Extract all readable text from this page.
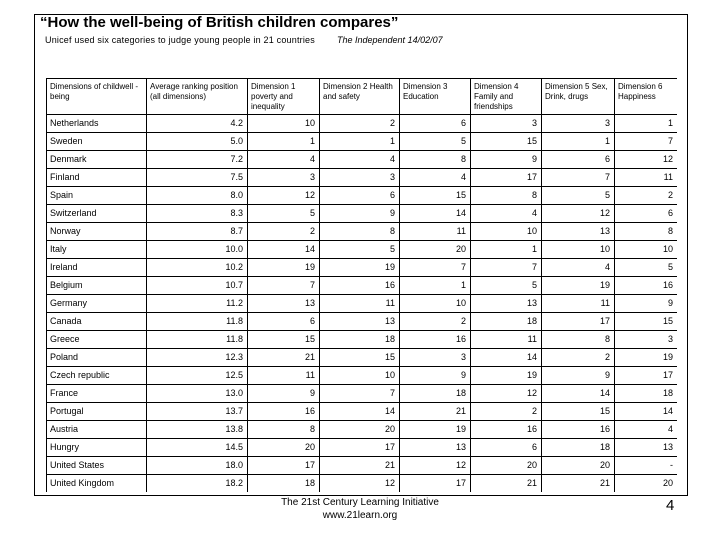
“How the well-being of British children compares”
Unicef used six categories to judge young people in 21 countries The Independent 14/02/07
Dimensions of childwell -being	Average ranking position (all dimensions)	Dimension 1 poverty and inequality	Dimension 2 Health and safety	Dimension 3 Education	Dimension 4 Family and friendships	Dimension 5 Sex, Drink, drugs	Dimension 6 Happiness
Netherlands	4.2	10	2	6	3	3	1
Sweden	5.0	1	1	5	15	1	7
Denmark	7.2	4	4	8	9	6	12
Finland	7.5	3	3	4	17	7	11
Spain	8.0	12	6	15	8	5	2
Switzerland	8.3	5	9	14	4	12	6
Norway	8.7	2	8	11	10	13	8
Italy	10.0	14	5	20	1	10	10
Ireland	10.2	19	19	7	7	4	5
Belgium	10.7	7	16	1	5	19	16
Germany	11.2	13	11	10	13	11	9
Canada	11.8	6	13	2	18	17	15
Greece	11.8	15	18	16	11	8	3
Poland	12.3	21	15	3	14	2	19
Czech republic	12.5	11	10	9	19	9	17
France	13.0	9	7	18	12	14	18
Portugal	13.7	16	14	21	2	15	14
Austria	13.8	8	20	19	16	16	4
Hungry	14.5	20	17	13	6	18	13
United States	18.0	17	21	12	20	20	-
United Kingdom	18.2	18	12	17	21	21	20
The 21st Century Learning Initiative
www.21learn.org
4
